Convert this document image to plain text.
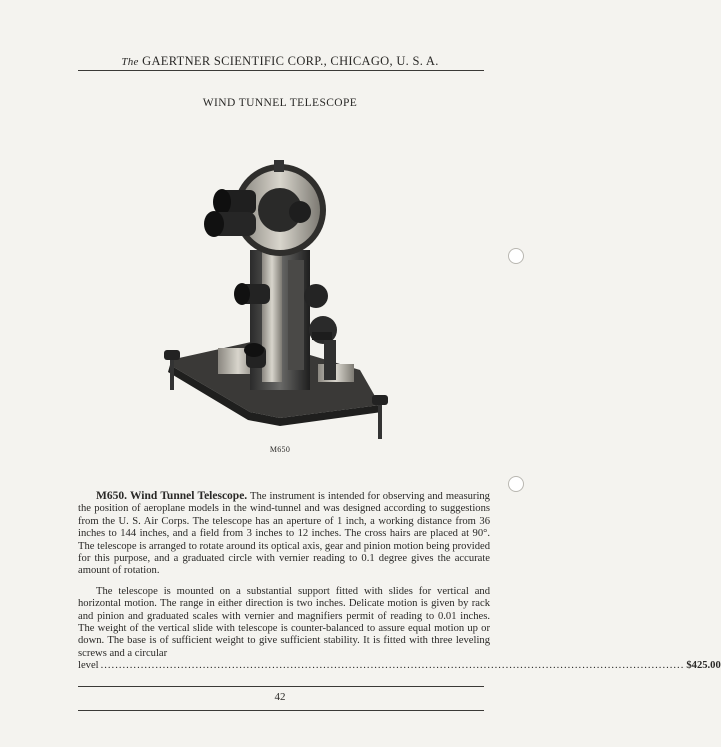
The GAERTNER SCIENTIFIC CORP., CHICAGO, U. S. A.
WIND TUNNEL TELESCOPE
M650

M650. Wind Tunnel Telescope. The instrument is intended for observing and measuring the position of aeroplane models in the wind-tunnel and was designed according to suggestions from the U. S. Air Corps. The telescope has an aperture of 1 inch, a working distance from 36 inches to 144 inches, and a field from 3 inches to 12 inches. The cross hairs are placed at 90°. The telescope is arranged to rotate around its optical axis, gear and pinion motion being provided for this purpose, and a graduated circle with vernier reading to 0.1 degree gives the accurate amount of rotation.

The telescope is mounted on a substantial support fitted with slides for vertical and horizontal motion. The range in either direction is two inches. Delicate motion is given by rack and pinion and graduated scales with vernier and magnifiers permit of reading to 0.01 inches. The weight of the vertical slide with telescope is counter-balanced to assure equal motion up or down. The base is of sufficient weight to give sufficient stability. It is fitted with three leveling screws and a circular

level ................................................................................................................................................................ $425.00
42
